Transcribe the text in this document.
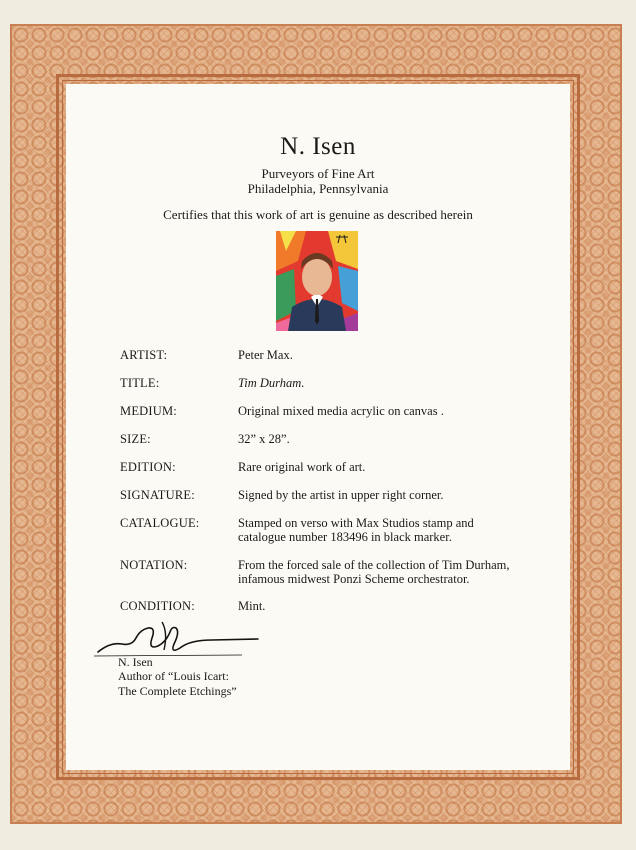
N. Isen
Purveyors of Fine Art
Philadelphia, Pennsylvania
Certifies that this work of art is genuine as described herein
ARTIST:	Peter Max.
TITLE:	Tim Durham.
MEDIUM:	Original mixed media acrylic on canvas .
SIZE:	32” x 28”.
EDITION:	Rare original work of art.
SIGNATURE:	Signed by the artist in upper right corner.
CATALOGUE:	Stamped on verso with Max Studios stamp and
catalogue number 183496 in black marker.
NOTATION:	From the forced sale of the collection of Tim Durham,
infamous midwest Ponzi Scheme orchestrator.
CONDITION:	Mint.
N. Isen
Author of “Louis Icart:
The Complete Etchings”
